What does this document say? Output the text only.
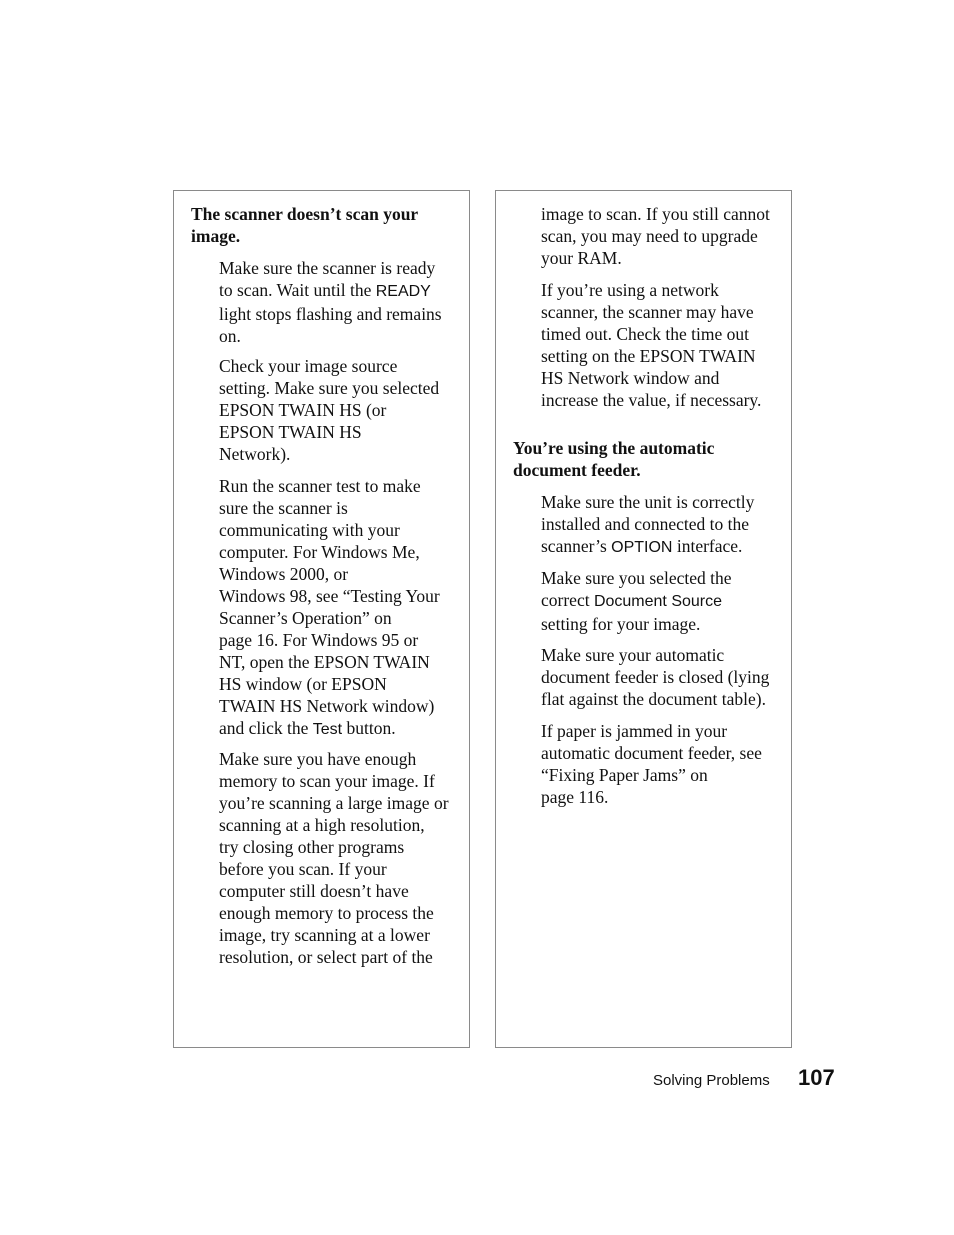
The scanner doesn’t scan your
image.
Make sure the scanner is ready
to scan. Wait until the READY
light stops flashing and remains
on.
Check your image source
setting. Make sure you selected
EPSON TWAIN HS (or
EPSON TWAIN HS
Network).
Run the scanner test to make
sure the scanner is
communicating with your
computer. For Windows Me,
Windows 2000, or
Windows 98, see “Testing Your
Scanner’s Operation” on
page 16. For Windows 95 or
NT, open the EPSON TWAIN
HS window (or EPSON
TWAIN HS Network window)
and click the Test button.
Make sure you have enough
memory to scan your image. If
you’re scanning a large image or
scanning at a high resolution,
try closing other programs
before you scan. If your
computer still doesn’t have
enough memory to process the
image, try scanning at a lower
resolution, or select part of the
image to scan. If you still cannot
scan, you may need to upgrade
your RAM.
If you’re using a network
scanner, the scanner may have
timed out. Check the time out
setting on the EPSON TWAIN
HS Network window and
increase the value, if necessary.
You’re using the automatic
document feeder.
Make sure the unit is correctly
installed and connected to the
scanner’s OPTION interface.
Make sure you selected the
correct Document Source
setting for your image.
Make sure your automatic
document feeder is closed (lying
flat against the document table).
If paper is jammed in your
automatic document feeder, see
“Fixing Paper Jams” on
page 116.
Solving Problems 107
